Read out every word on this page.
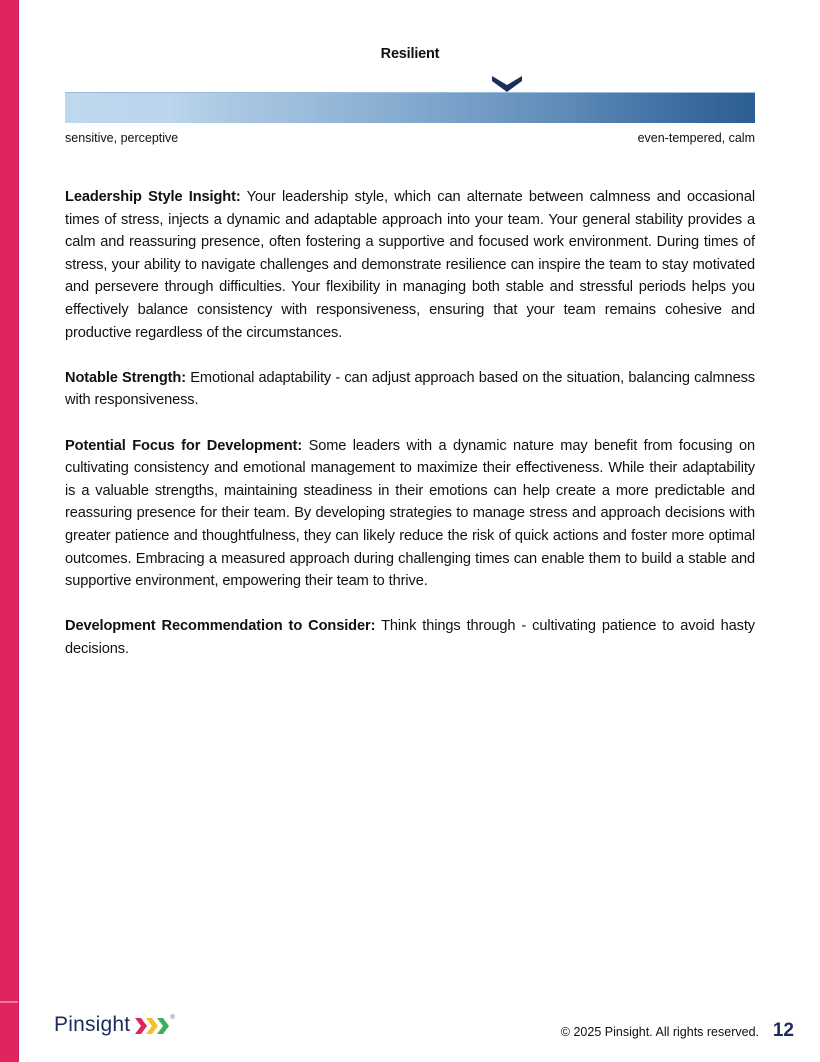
Resilient
sensitive, perceptive	even-tempered, calm

Leadership Style Insight: Your leadership style, which can alternate between calmness and occasional times of stress, injects a dynamic and adaptable approach into your team. Your general stability provides a calm and reassuring presence, often fostering a supportive and focused work environment. During times of stress, your ability to navigate challenges and demonstrate resilience can inspire the team to stay motivated and persevere through difficulties. Your flexibility in managing both stable and stressful periods helps you effectively balance consistency with responsiveness, ensuring that your team remains cohesive and productive regardless of the circumstances.

Notable Strength: Emotional adaptability - can adjust approach based on the situation, balancing calmness with responsiveness.

Potential Focus for Development: Some leaders with a dynamic nature may benefit from focusing on cultivating consistency and emotional management to maximize their effectiveness. While their adaptability is a valuable strengths, maintaining steadiness in their emotions can help create a more predictable and reassuring presence for their team. By developing strategies to manage stress and approach decisions with greater patience and thoughtfulness, they can likely reduce the risk of quick actions and foster more optimal outcomes. Embracing a measured approach during challenging times can enable them to build a stable and supportive environment, empowering their team to thrive.

Development Recommendation to Consider: Think things through - cultivating patience to avoid hasty decisions.

Pinsight	®
© 2025 Pinsight. All rights reserved. 12
